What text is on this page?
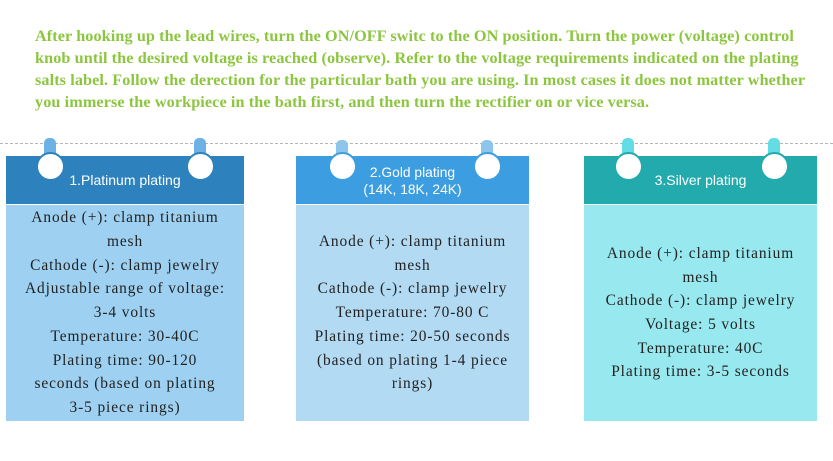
After hooking up the lead wires, turn the ON/OFF switc to the ON position. Turn the power (voltage) control knob until the desired voltage is reached (observe). Refer to the voltage requirements indicated on the plating salts label. Follow the derection for the particular bath you are using. In most cases it does not matter whether you immerse the workpiece in the bath first, and then turn the rectifier on or vice versa.
1.Platinum plating
Anode (+): clamp titanium
mesh
Cathode (-): clamp jewelry
Adjustable range of voltage:
3-4 volts
Temperature: 30-40C
Plating time: 90-120
seconds (based on plating
3-5 piece rings)
2.Gold plating
(14K, 18K, 24K)
Anode (+): clamp titanium
mesh
Cathode (-): clamp jewelry
Temperature: 70-80 C
Plating time: 20-50 seconds
(based on plating 1-4 piece
rings)
3.Silver plating
Anode (+): clamp titanium
mesh
Cathode (-): clamp jewelry
Voltage: 5 volts
Temperature: 40C
Plating time: 3-5 seconds
